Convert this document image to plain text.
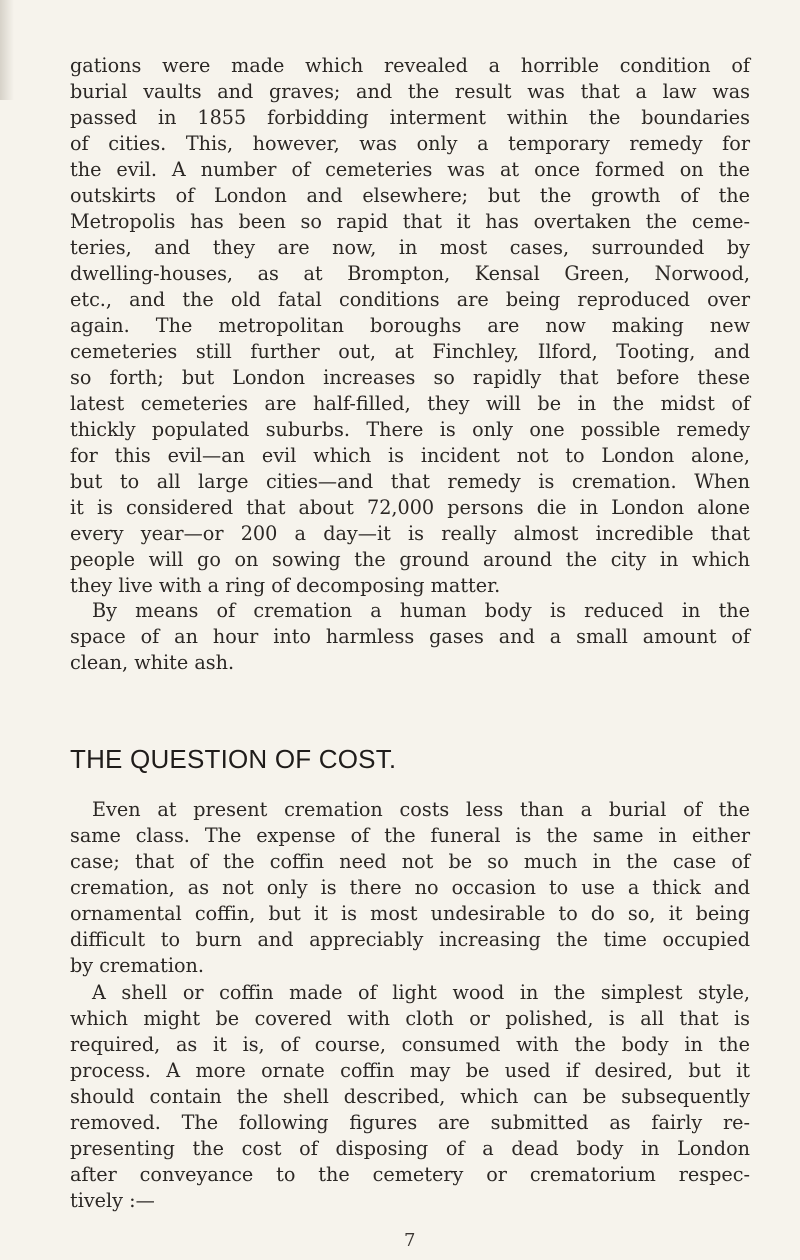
gations were made which revealed a horrible condition of
burial vaults and graves; and the result was that a law was
passed in 1855 forbidding interment within the boundaries
of cities. This, however, was only a temporary remedy for
the evil. A number of cemeteries was at once formed on the
outskirts of London and elsewhere; but the growth of the
Metropolis has been so rapid that it has overtaken the ceme-
teries, and they are now, in most cases, surrounded by
dwelling-houses, as at Brompton, Kensal Green, Norwood,
etc., and the old fatal conditions are being reproduced over
again. The metropolitan boroughs are now making new
cemeteries still further out, at Finchley, Ilford, Tooting, and
so forth; but London increases so rapidly that before these
latest cemeteries are half-filled, they will be in the midst of
thickly populated suburbs. There is only one possible remedy
for this evil—an evil which is incident not to London alone,
but to all large cities—and that remedy is cremation. When
it is considered that about 72,000 persons die in London alone
every year—or 200 a day—it is really almost incredible that
people will go on sowing the ground around the city in which
they live with a ring of decomposing matter.
By means of cremation a human body is reduced in the
space of an hour into harmless gases and a small amount of
clean, white ash.
THE QUESTION OF COST.
Even at present cremation costs less than a burial of the
same class. The expense of the funeral is the same in either
case; that of the coffin need not be so much in the case of
cremation, as not only is there no occasion to use a thick and
ornamental coffin, but it is most undesirable to do so, it being
difficult to burn and appreciably increasing the time occupied
by cremation.
A shell or coffin made of light wood in the simplest style,
which might be covered with cloth or polished, is all that is
required, as it is, of course, consumed with the body in the
process. A more ornate coffin may be used if desired, but it
should contain the shell described, which can be subsequently
removed. The following figures are submitted as fairly re-
presenting the cost of disposing of a dead body in London
after conveyance to the cemetery or crematorium respec-
tively :—
7
